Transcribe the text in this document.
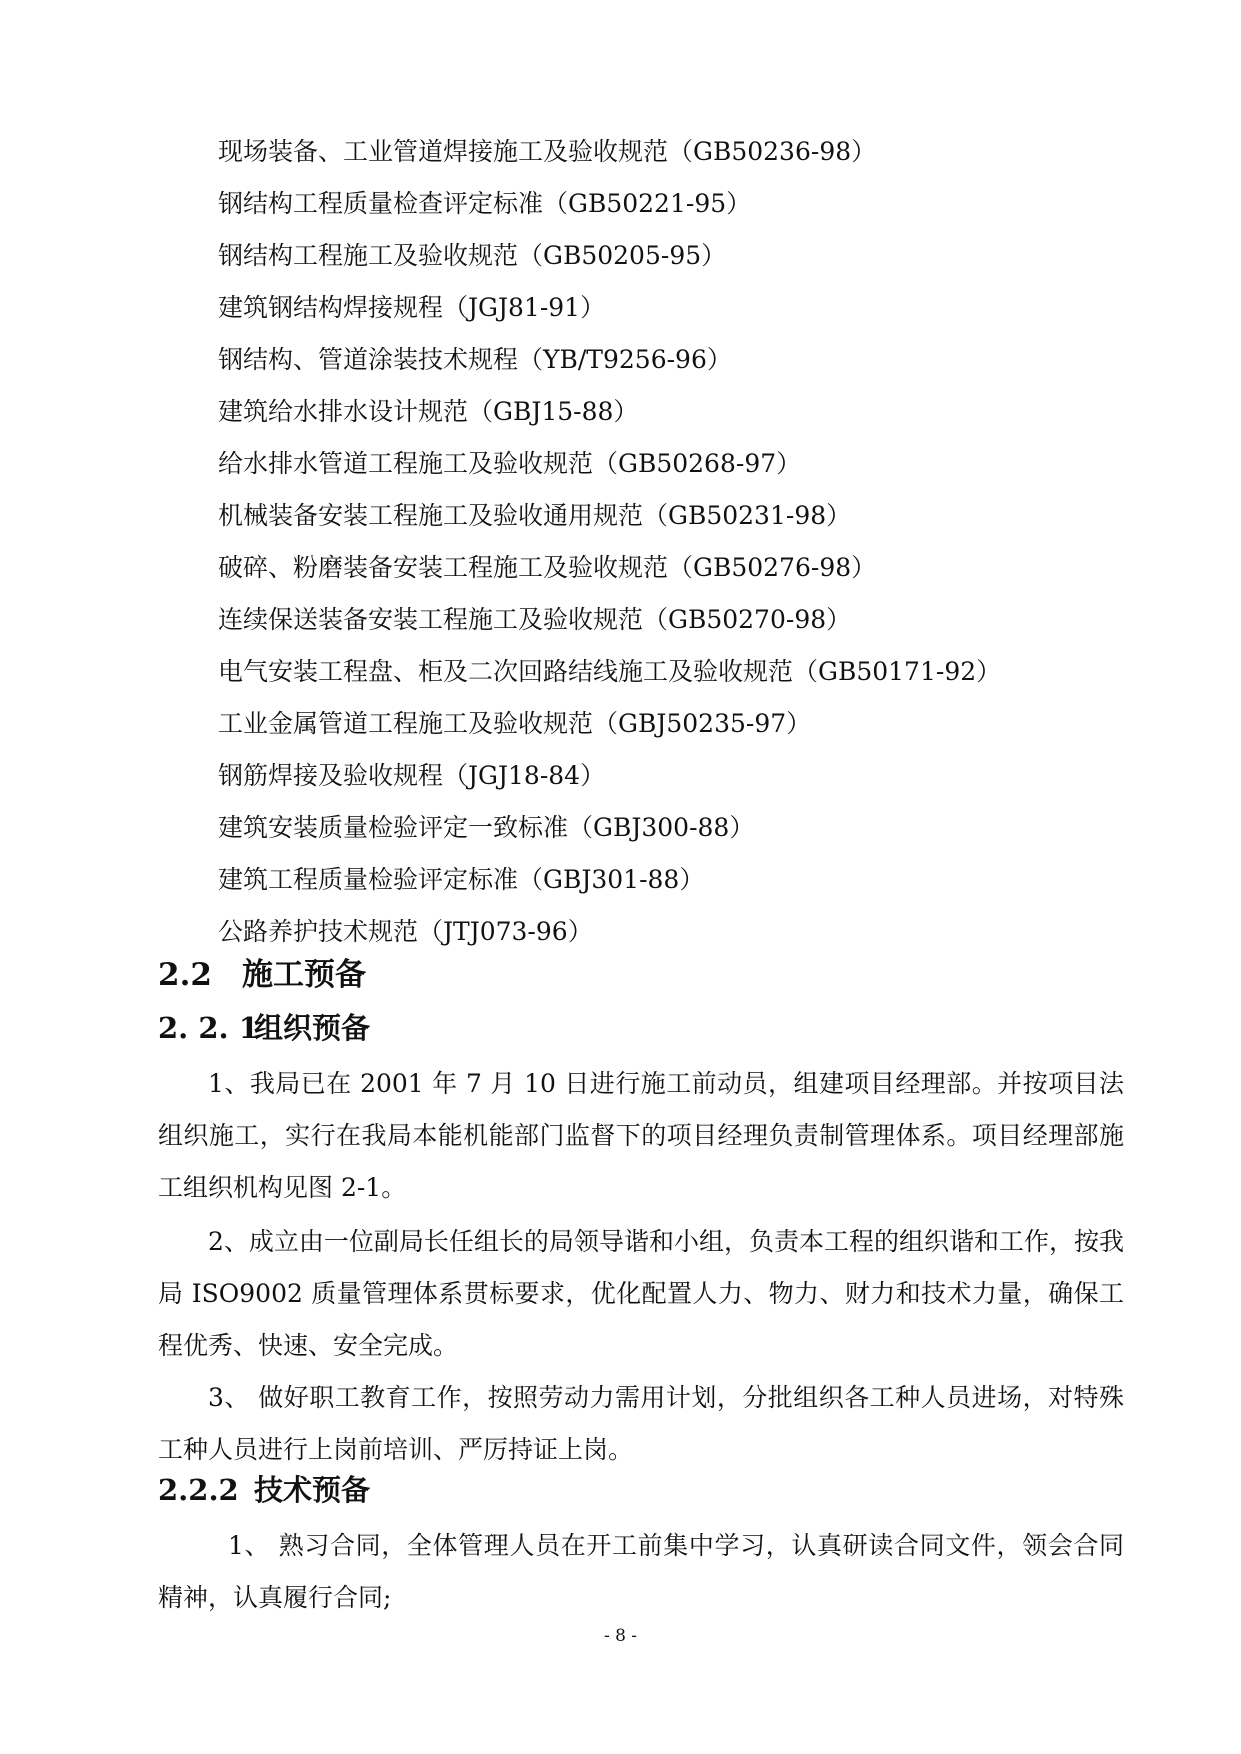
现场装备、工业管道焊接施工及验收规范（GB50236-98）
钢结构工程质量检查评定标准（GB50221-95）
钢结构工程施工及验收规范（GB50205-95）
建筑钢结构焊接规程（JGJ81-91）
钢结构、管道涂装技术规程（YB/T9256-96）
建筑给水排水设计规范（GBJ15-88）
给水排水管道工程施工及验收规范（GB50268-97）
机械装备安装工程施工及验收通用规范（GB50231-98）
破碎、粉磨装备安装工程施工及验收规范（GB50276-98）
连续保送装备安装工程施工及验收规范（GB50270-98）
电气安装工程盘、柜及二次回路结线施工及验收规范（GB50171-92）
工业金属管道工程施工及验收规范（GBJ50235-97）
钢筋焊接及验收规程（JGJ18-84）
建筑安装质量检验评定一致标准（GBJ300-88）
建筑工程质量检验评定标准（GBJ301-88）
公路养护技术规范（JTJ073-96）
2.2 施工预备
2. 2. 1组织预备

1、我局已在 2001 年 7 月 10 日进行施工前动员，组建项目经理部。并按项目法组织施工，实行在我局本能机能部门监督下的项目经理负责制管理体系。项目经理部施工组织机构见图 2-1。

2、成立由一位副局长任组长的局领导谐和小组，负责本工程的组织谐和工作，按我局 ISO9002 质量管理体系贯标要求，优化配置人力、物力、财力和技术力量，确保工程优秀、快速、安全完成。

3、 做好职工教育工作，按照劳动力需用计划，分批组织各工种人员进场，对特殊工种人员进行上岗前培训、严厉持证上岗。

2.2.2 技术预备

1、 熟习合同，全体管理人员在开工前集中学习，认真研读合同文件，领会合同精神，认真履行合同;

- 8 -
